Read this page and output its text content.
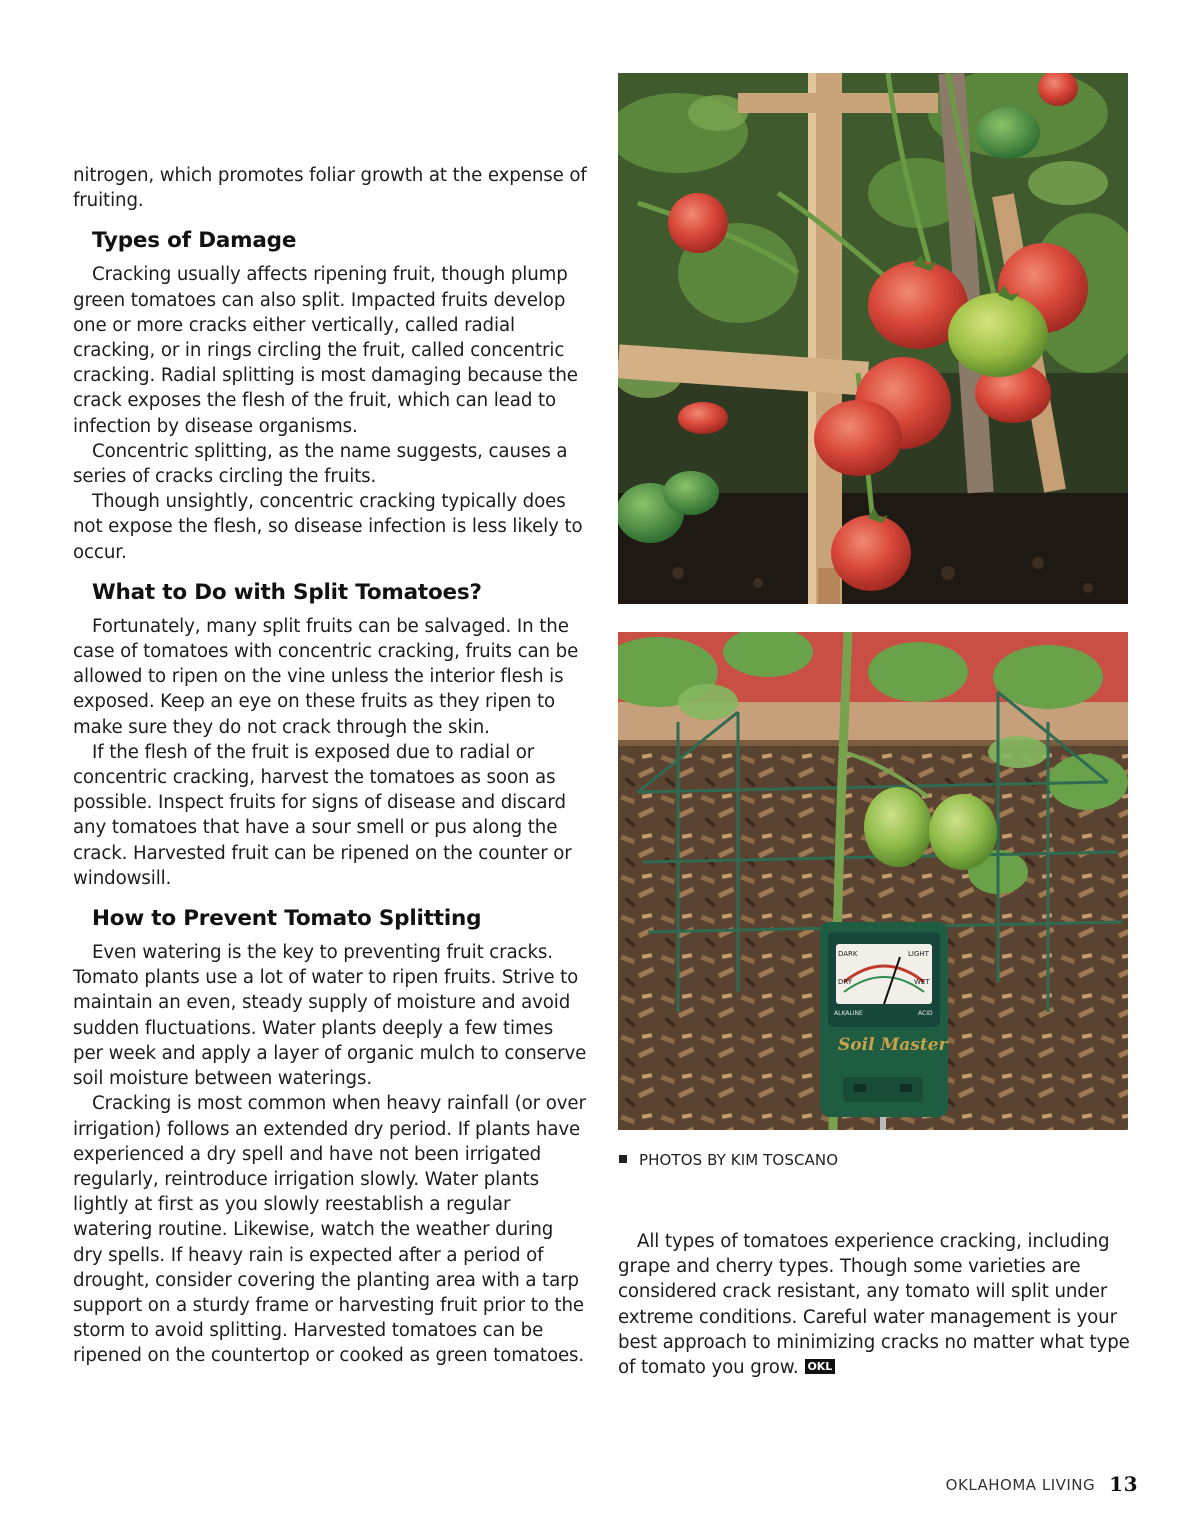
nitrogen, which promotes foliar growth at the expense of fruiting.

Types of Damage

Cracking usually affects ripening fruit, though plump green tomatoes can also split. Impacted fruits develop one or more cracks either vertically, called radial cracking, or in rings circling the fruit, called concentric cracking. Radial splitting is most damaging because the crack exposes the flesh of the fruit, which can lead to infection by disease organisms.

Concentric splitting, as the name suggests, causes a series of cracks circling the fruits.

Though unsightly, concentric cracking typically does not expose the flesh, so disease infection is less likely to occur.

What to Do with Split Tomatoes?

Fortunately, many split fruits can be salvaged. In the case of tomatoes with concentric cracking, fruits can be allowed to ripen on the vine unless the interior flesh is exposed. Keep an eye on these fruits as they ripen to make sure they do not crack through the skin.

If the flesh of the fruit is exposed due to radial or concentric cracking, harvest the tomatoes as soon as possible. Inspect fruits for signs of disease and discard any tomatoes that have a sour smell or pus along the crack. Harvested fruit can be ripened on the counter or windowsill.

How to Prevent Tomato Splitting

Even watering is the key to preventing fruit cracks. Tomato plants use a lot of water to ripen fruits. Strive to maintain an even, steady supply of moisture and avoid sudden fluctuations. Water plants deeply a few times per week and apply a layer of organic mulch to conserve soil moisture between waterings.

Cracking is most common when heavy rainfall (or over irrigation) follows an extended dry period. If plants have experienced a dry spell and have not been irrigated regularly, reintroduce irrigation slowly. Water plants lightly at first as you slowly reestablish a regular watering routine. Likewise, watch the weather during dry spells. If heavy rain is expected after a period of drought, consider covering the planting area with a tarp support on a sturdy frame or harvesting fruit prior to the storm to avoid splitting. Harvested tomatoes can be ripened on the countertop or cooked as green tomatoes.

DARK	LIGHT
DRY	WET
ALKALINE	ACID
Soil Master
PHOTOS BY KIM TOSCANO

All types of tomatoes experience cracking, including grape and cherry types. Though some varieties are considered crack resistant, any tomato will split under extreme conditions. Careful water management is your best approach to minimizing cracks no matter what type of tomato you grow. OKL

OKLAHOMA LIVING 13
